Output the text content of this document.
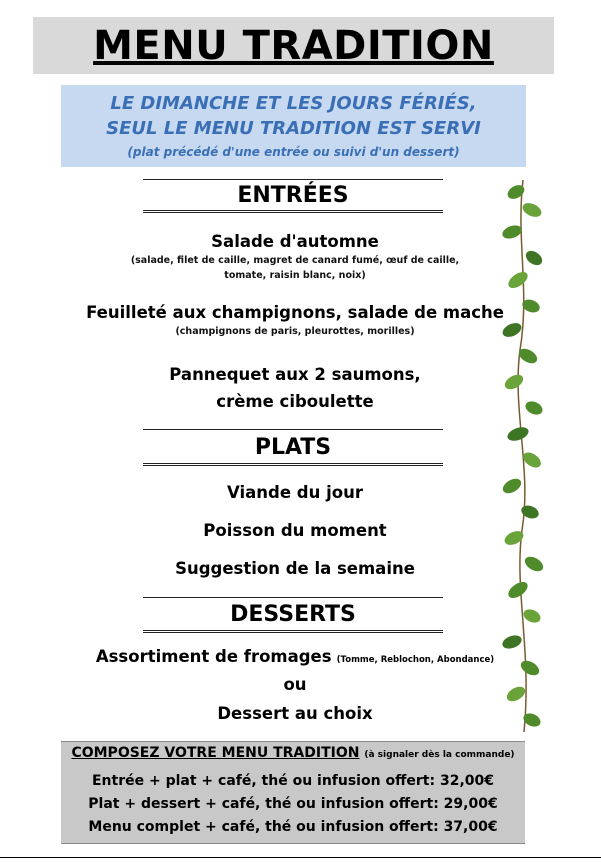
MENU TRADITION
LE DIMANCHE ET LES JOURS FÉRIÉS,
SEUL LE MENU TRADITION EST SERVI
(plat précédé d'une entrée ou suivi d'un dessert)
ENTRÉES
Salade d'automne
(salade, filet de caille, magret de canard fumé, œuf de caille,
tomate, raisin blanc, noix)
Feuilleté aux champignons, salade de mache
(champignons de paris, pleurottes, morilles)
Pannequet aux 2 saumons,
crème ciboulette
PLATS
Viande du jour
Poisson du moment
Suggestion de la semaine
DESSERTS
Assortiment de fromages (Tomme, Reblochon, Abondance)
ou
Dessert au choix
COMPOSEZ VOTRE MENU TRADITION (à signaler dès la commande)
Entrée + plat + café, thé ou infusion offert: 32,00€
Plat + dessert + café, thé ou infusion offert: 29,00€
Menu complet + café, thé ou infusion offert: 37,00€
